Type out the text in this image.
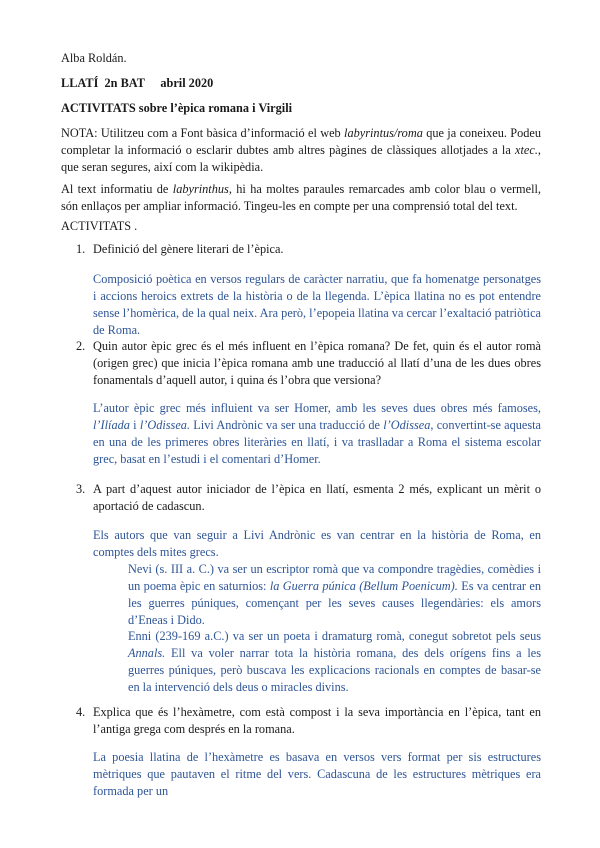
Alba Roldán.

LLATÍ 2n BAT abril 2020

ACTIVITATS sobre l’èpica romana i Virgili

NOTA: Utilitzeu com a Font bàsica d’informació el web labyrintus/roma que ja coneixeu. Podeu completar la informació o esclarir dubtes amb altres pàgines de clàssiques allotjades a la xtec., que seran segures, així com la wikipèdia.

Al text informatiu de labyrinthus, hi ha moltes paraules remarcades amb color blau o vermell, són enllaços per ampliar informació. Tingeu-les en compte per una comprensió total del text.

ACTIVITATS .

1. Definició del gènere literari de l’èpica.

Composició poètica en versos regulars de caràcter narratiu, que fa homenatge personatges i accions heroics extrets de la història o de la llegenda. L’èpica llatina no es pot entendre sense l’homèrica, de la qual neix. Ara però, l’epopeia llatina va cercar l’exaltació patriòtica de Roma.

2. Quin autor èpic grec és el més influent en l’èpica romana? De fet, quin és el autor romà (origen grec) que inicia l’èpica romana amb une traducció al llatí d’una de les dues obres fonamentals d’aquell autor, i quina és l’obra que versiona?

L’autor èpic grec més influient va ser Homer, amb les seves dues obres més famoses, l’Ilíada i l’Odissea. Livi Andrònic va ser una traducció de l’Odissea, convertint-se aquesta en una de les primeres obres literàries en llatí, i va traslladar a Roma el sistema escolar grec, basat en l’estudi i el comentari d’Homer.

3. A part d’aquest autor iniciador de l’èpica en llatí, esmenta 2 més, explicant un mèrit o aportació de cadascun.

Els autors que van seguir a Livi Andrònic es van centrar en la història de Roma, en comptes dels mites grecs.

Nevi (s. III a. C.) va ser un escriptor romà que va compondre tragèdies, comèdies i un poema èpic en saturnios: la Guerra púnica (Bellum Poenicum). Es va centrar en les guerres púniques, començant per les seves causes llegendàries: els amors d’Eneas i Dido.

Enni (239-169 a.C.) va ser un poeta i dramaturg romà, conegut sobretot pels seus Annals. Ell va voler narrar tota la història romana, des dels orígens fins a les guerres púniques, però buscava les explicacions racionals en comptes de basar-se en la intervenció dels deus o miracles divins.

4. Explica que és l’hexàmetre, com està compost i la seva importància en l’èpica, tant en l’antiga grega com després en la romana.

La poesia llatina de l’hexàmetre es basava en versos vers format per sis estructures mètriques que pautaven el ritme del vers. Cadascuna de les estructures mètriques era formada per un
